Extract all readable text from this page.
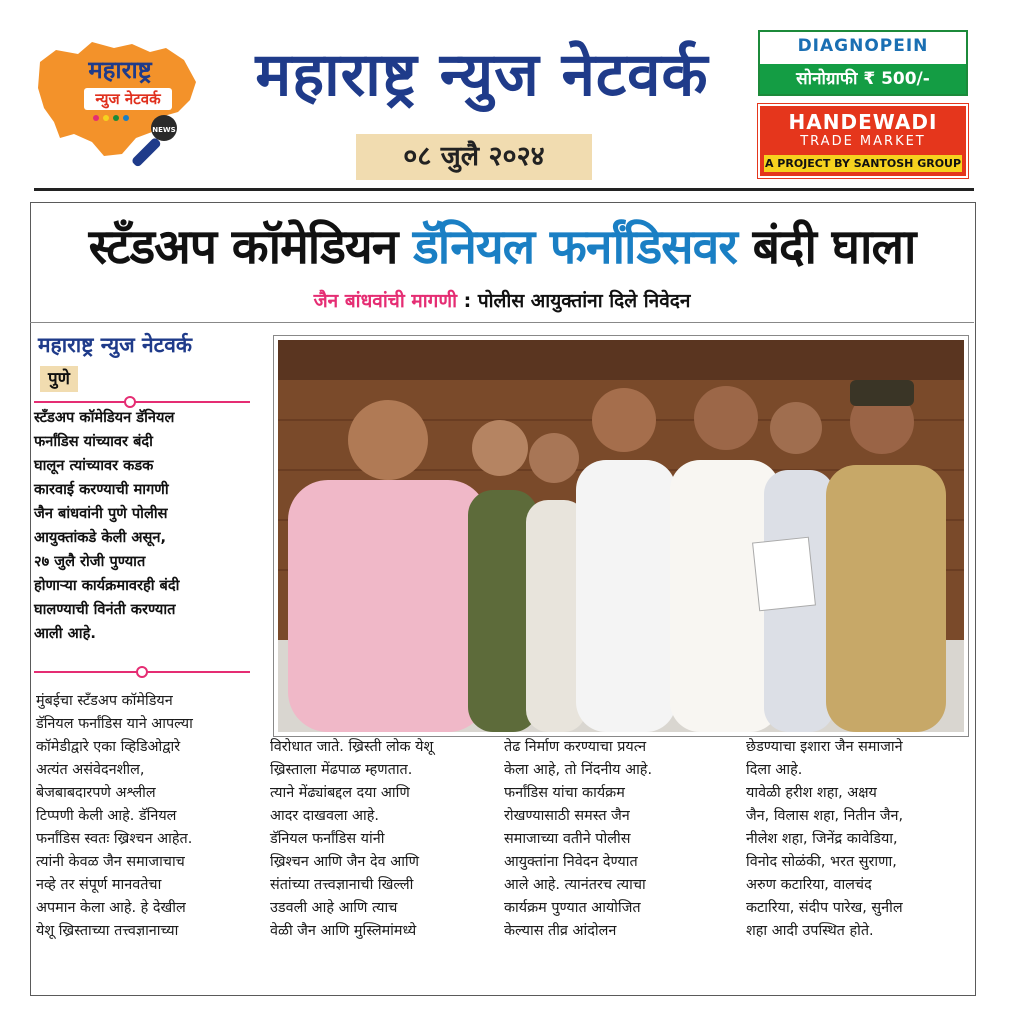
महाराष्ट्र
न्युज नेटवर्क
NEWS
महाराष्ट्र न्युज नेटवर्क
०८ जुलै २०२४
DIAGNOPEIN
सोनोग्राफी ₹ 500/-
HANDEWADI
TRADE MARKET
A PROJECT BY SANTOSH GROUP
स्टँडअप कॉमेडियन डॅनियल फर्नांडिसवर बंदी घाला
जैन बांधवांची मागणी : पोलीस आयुक्तांना दिले निवेदन
महाराष्ट्र न्युज नेटवर्क
पुणे
स्टँडअप कॉमेडियन डॅनियल
फर्नांडिस यांच्यावर बंदी
घालून त्यांच्यावर कडक
कारवाई करण्याची मागणी
जैन बांधवांनी पुणे पोलीस
आयुक्तांकडे केली असून,
२७ जुलै रोजी पुण्यात
होणाऱ्या कार्यक्रमावरही बंदी
घालण्याची विनंती करण्यात
आली आहे.
मुंबईचा स्टँडअप कॉमेडियन
डॅनियल फर्नांडिस याने आपल्या
कॉमेडीद्वारे एका व्हिडिओद्वारे
अत्यंत असंवेदनशील,
बेजबाबदारपणे अश्लील
टिप्पणी केली आहे. डॅनियल
फर्नांडिस स्वतः ख्रिश्चन आहेत.
त्यांनी केवळ जैन समाजाचाच
नव्हे तर संपूर्ण मानवतेचा
अपमान केला आहे. हे देखील
येशू ख्रिस्ताच्या तत्त्वज्ञानाच्या
विरोधात जाते. ख्रिस्ती लोक येशू
ख्रिस्ताला मेंढपाळ म्हणतात.
त्याने मेंढ्यांबद्दल दया आणि
आदर दाखवला आहे.
डॅनियल फर्नांडिस यांनी
ख्रिश्चन आणि जैन देव आणि
संतांच्या तत्त्वज्ञानाची खिल्ली
उडवली आहे आणि त्याच
वेळी जैन आणि मुस्लिमांमध्ये
तेढ निर्माण करण्याचा प्रयत्न
केला आहे, तो निंदनीय आहे.
फर्नांडिस यांचा कार्यक्रम
रोखण्यासाठी समस्त जैन
समाजाच्या वतीने पोलीस
आयुक्तांना निवेदन देण्यात
आले आहे. त्यानंतरच त्याचा
कार्यक्रम पुण्यात आयोजित
केल्यास तीव्र आंदोलन
छेडण्याचा इशारा जैन समाजाने
दिला आहे.
यावेळी हरीश शहा, अक्षय
जैन, विलास शहा, नितीन जैन,
नीलेश शहा, जिनेंद्र कावेडिया,
विनोद सोळंकी, भरत सुराणा,
अरुण कटारिया, वालचंद
कटारिया, संदीप पारेख, सुनील
शहा आदी उपस्थित होते.
